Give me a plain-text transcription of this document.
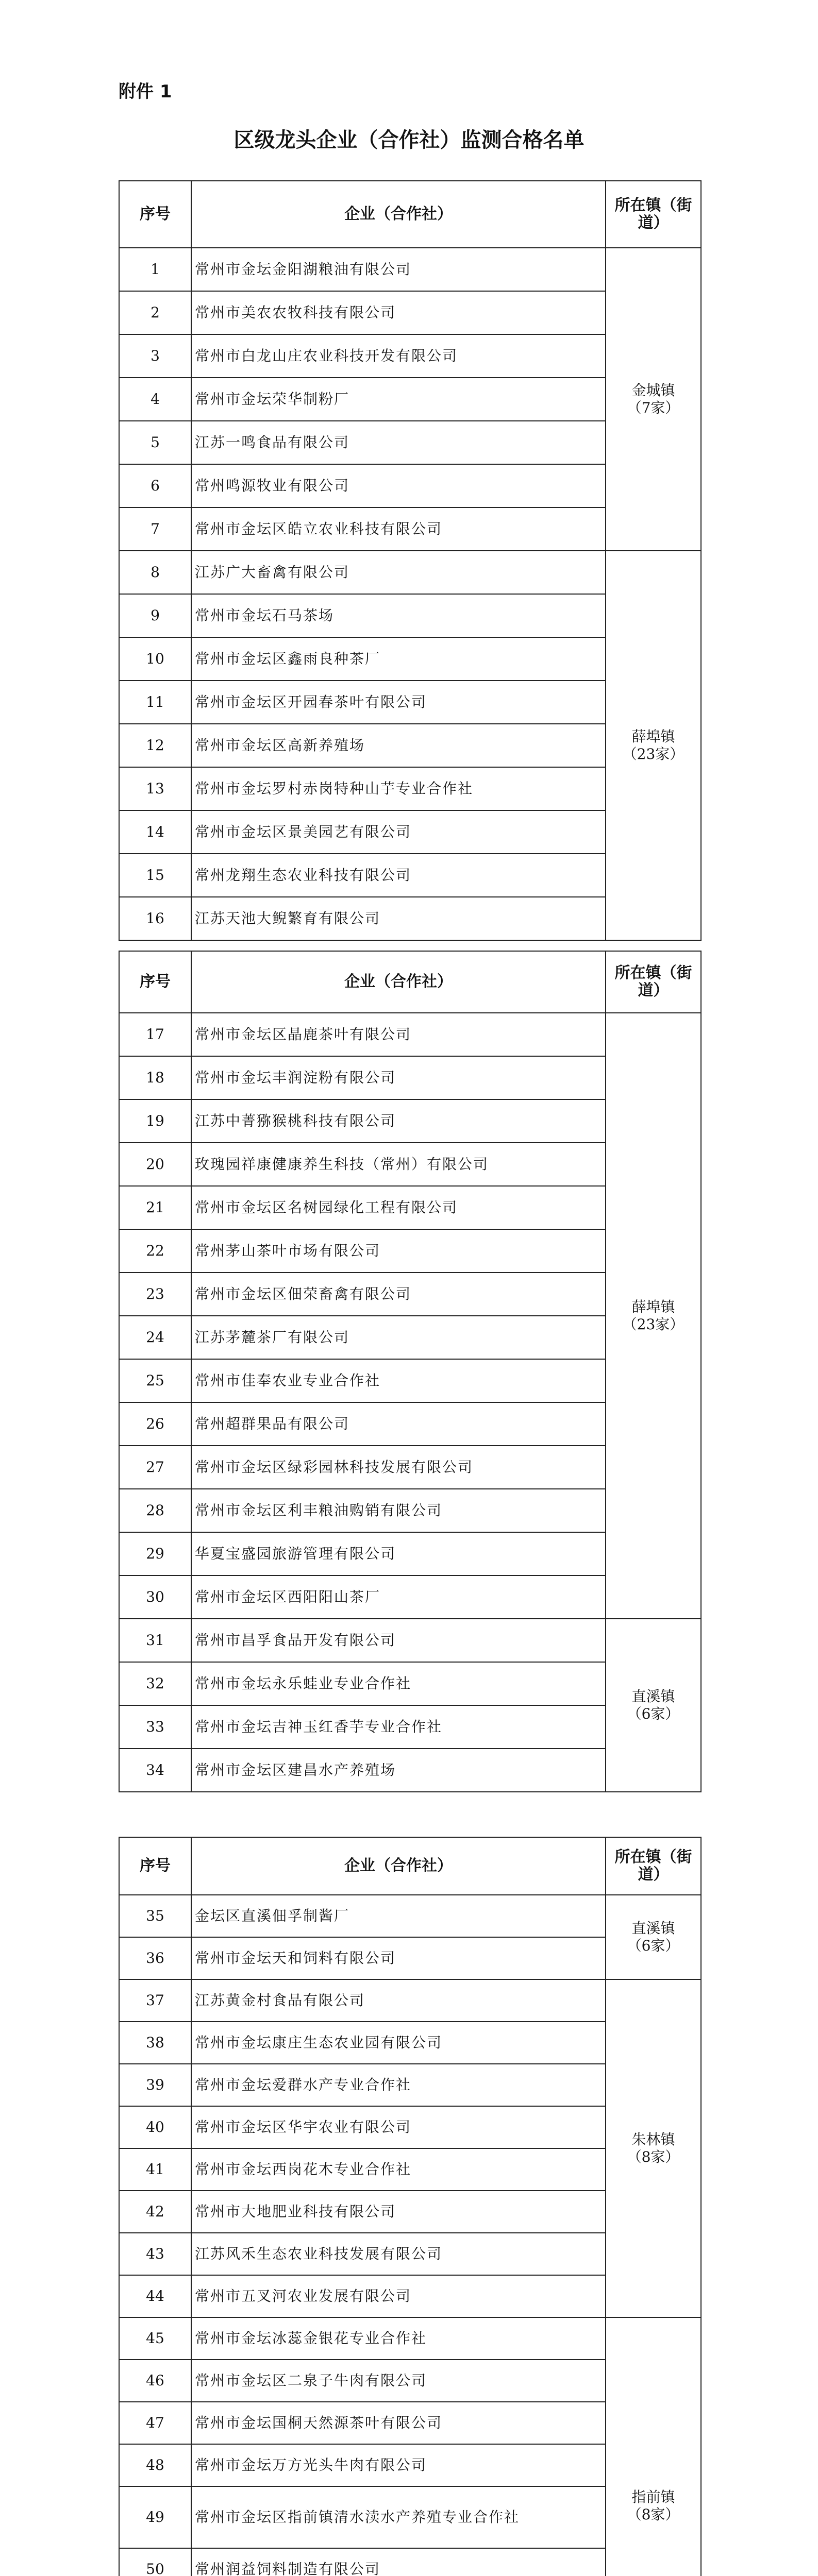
附件 1
区级龙头企业（合作社）监测合格名单
序号	企业（合作社）	所在镇（街道）
1	常州市金坛金阳湖粮油有限公司	金城镇
（7家）

2	常州市美农农牧科技有限公司	
3	常州市白龙山庄农业科技开发有限公司	
4	常州市金坛荣华制粉厂	
5	江苏一鸣食品有限公司	
6	常州鸣源牧业有限公司	
7	常州市金坛区皓立农业科技有限公司	
8	江苏广大畜禽有限公司	薛埠镇
（23家）

9	常州市金坛石马茶场	
10	常州市金坛区鑫雨良种茶厂	
11	常州市金坛区开园春茶叶有限公司	
12	常州市金坛区高新养殖场	
13	常州市金坛罗村赤岗特种山芋专业合作社	
14	常州市金坛区景美园艺有限公司	
15	常州龙翔生态农业科技有限公司	
16	江苏天池大鲵繁育有限公司	
序号	企业（合作社）	所在镇（街道）
17	常州市金坛区晶鹿茶叶有限公司	薛埠镇
（23家）

18	常州市金坛丰润淀粉有限公司	
19	江苏中菁猕猴桃科技有限公司	
20	玫瑰园祥康健康养生科技（常州）有限公司	
21	常州市金坛区名树园绿化工程有限公司	
22	常州茅山茶叶市场有限公司	
23	常州市金坛区佃荣畜禽有限公司	
24	江苏茅麓茶厂有限公司	
25	常州市佳奉农业专业合作社	
26	常州超群果品有限公司	
27	常州市金坛区绿彩园林科技发展有限公司	
28	常州市金坛区利丰粮油购销有限公司	
29	华夏宝盛园旅游管理有限公司	
30	常州市金坛区西阳阳山茶厂	
31	常州市昌孚食品开发有限公司	直溪镇
（6家）

32	常州市金坛永乐蛙业专业合作社	
33	常州市金坛吉神玉红香芋专业合作社	
34	常州市金坛区建昌水产养殖场	
序号	企业（合作社）	所在镇（街道）
35	金坛区直溪佃孚制酱厂	直溪镇
（6家）

36	常州市金坛天和饲料有限公司	
37	江苏黄金村食品有限公司	朱林镇
（8家）

38	常州市金坛康庄生态农业园有限公司	
39	常州市金坛爱群水产专业合作社	
40	常州市金坛区华宇农业有限公司	
41	常州市金坛西岗花木专业合作社	
42	常州市大地肥业科技有限公司	
43	江苏风禾生态农业科技发展有限公司	
44	常州市五叉河农业发展有限公司	
45	常州市金坛冰蕊金银花专业合作社	指前镇
（8家）

46	常州市金坛区二泉子牛肉有限公司	
47	常州市金坛国桐天然源茶叶有限公司	
48	常州市金坛万方光头牛肉有限公司	
49	常州市金坛区指前镇清水渎水产养殖专业合作社	
50	常州润益饲料制造有限公司	
